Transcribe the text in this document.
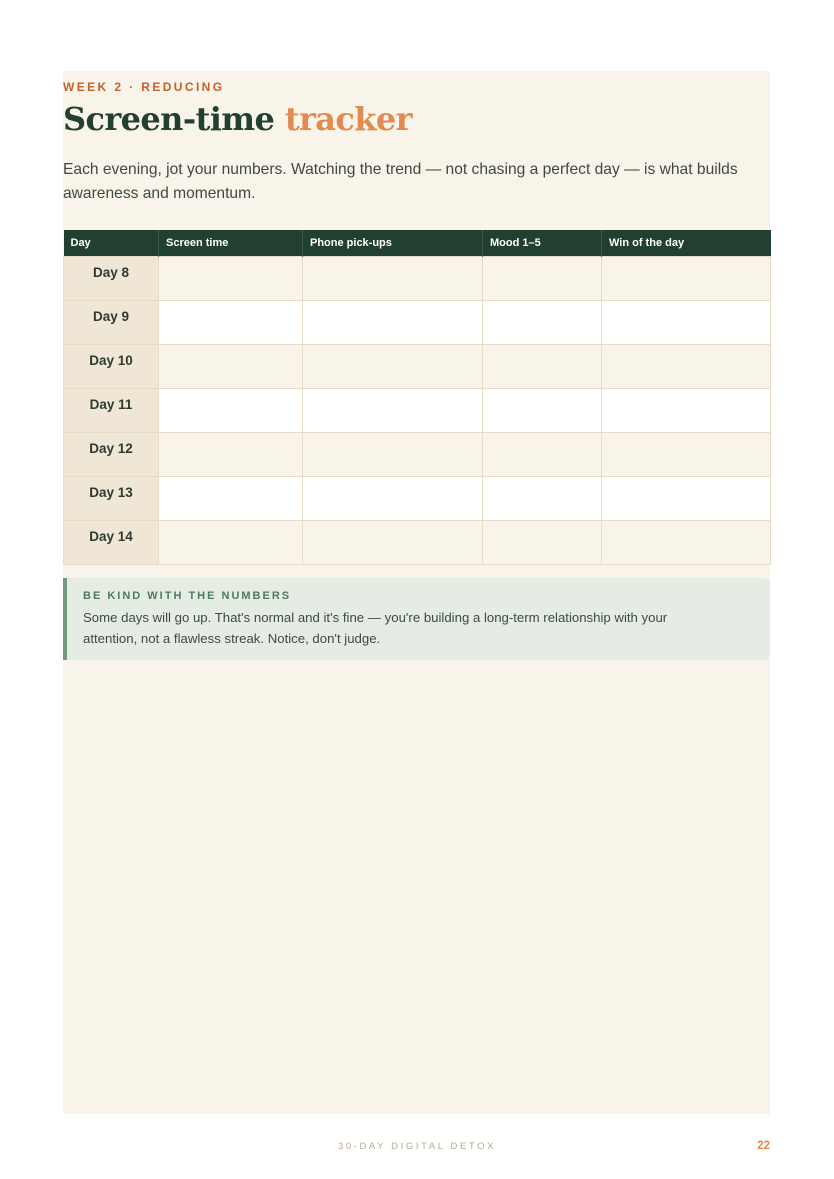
WEEK 2 · REDUCING
Screen-time tracker

Each evening, jot your numbers. Watching the trend — not chasing a perfect day — is what builds awareness and momentum.

Day	Screen time	Phone pick-ups	Mood 1–5	Win of the day
Day 8				
Day 9				
Day 10				
Day 11				
Day 12				
Day 13				
Day 14				
BE KIND WITH THE NUMBERS

Some days will go up. That's normal and it's fine — you're building a long-term relationship with your attention, not a flawless streak. Notice, don't judge.

30-DAY DIGITAL DETOX	22
